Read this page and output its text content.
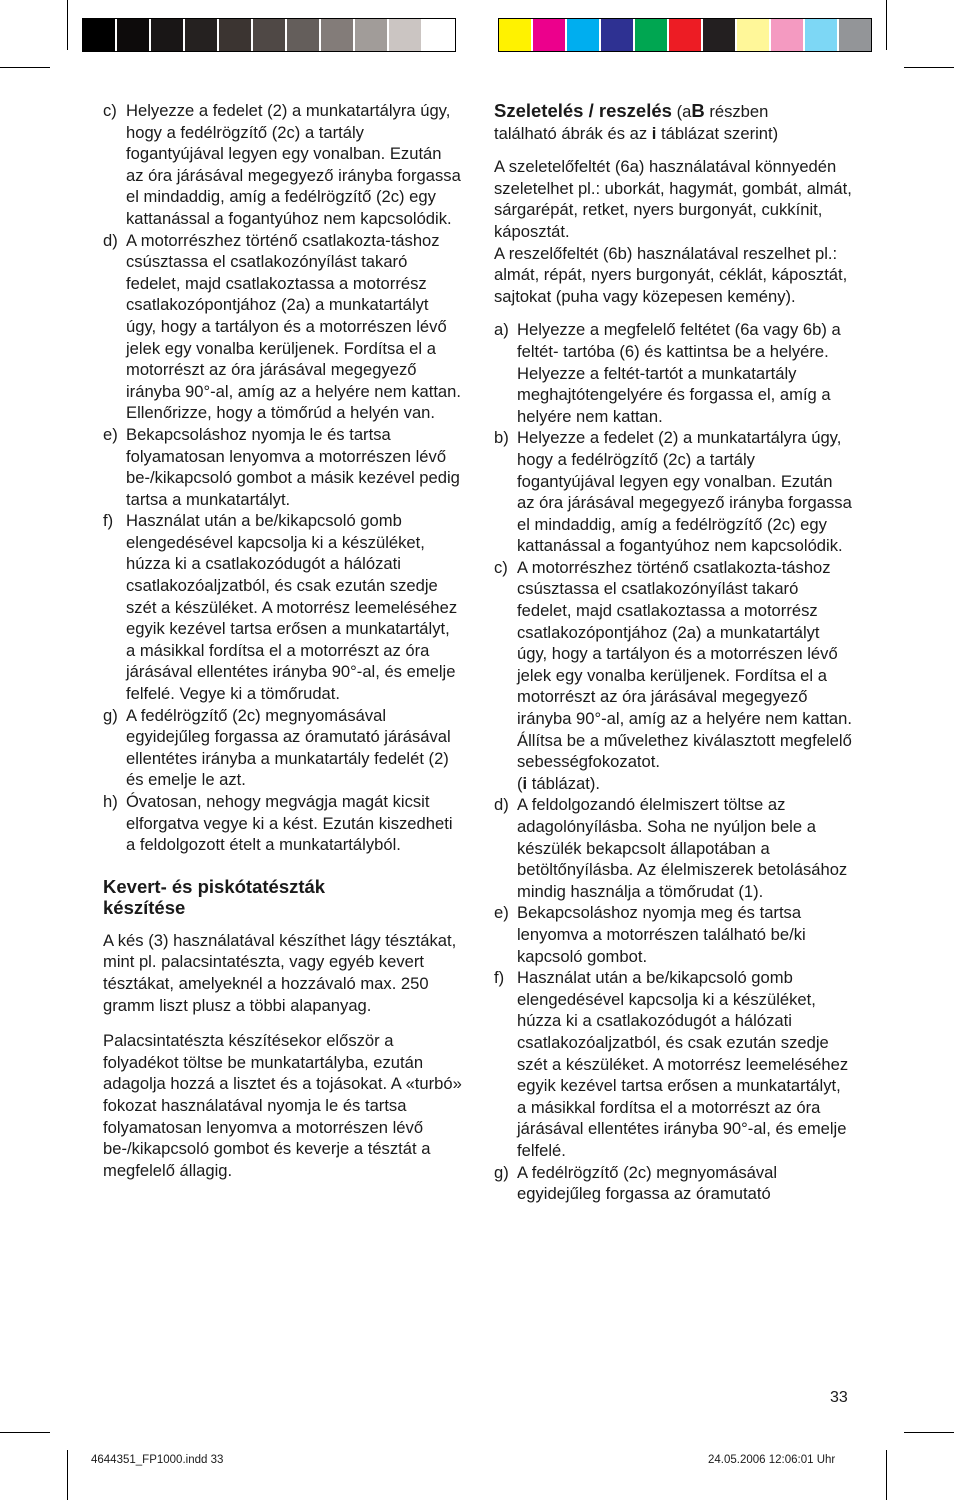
c) Helyezze a fedelet (2) a munkatartályra úgy, hogy a fedélrögzítő (2c) a tartály fogantyújával legyen egy vonalban. Ezután az óra járásával megegyező irányba forgassa el mindaddig, amíg a fedélrögzítő (2c) egy kattanással a fogantyúhoz nem kapcsolódik.
d) A motorrészhez történő csatlakozta-táshoz csúsztassa el csatlakozónyílást takaró fedelet, majd csatlakoztassa a motorrész csatlakozópontjához (2a) a munkatartályt úgy, hogy a tartályon és a motorrészen lévő jelek egy vonalba kerüljenek. Fordítsa el a motorrészt az óra járásával megegyező irányba 90°-al, amíg az a helyére nem kattan. Ellenőrizze, hogy a tömőrúd a helyén van.
e) Bekapcsoláshoz nyomja le és tartsa folyamatosan lenyomva a motorrészen lévő be-/kikapcsoló gombot a másik kezével pedig tartsa a munkatartályt.
f) Használat után a be/kikapcsoló gomb elengedésével kapcsolja ki a készüléket, húzza ki a csatlakozódugót a hálózati csatlakozóaljzatból, és csak ezután szedje szét a készüléket. A motorrész leemeléséhez egyik kezével tartsa erősen a munkatartályt, a másikkal fordítsa el a motorrészt az óra járásával ellentétes irányba 90°-al, és emelje felfelé. Vegye ki a tömőrudat.
g) A fedélrögzítő (2c) megnyomásával egyidejűleg forgassa az óramutató járásával ellentétes irányba a munkatartály fedelét (2) és emelje le azt.
h) Óvatosan, nehogy megvágja magát kicsit elforgatva vegye ki a kést. Ezután kiszedheti a feldolgozott ételt a munkatartályból.
Kevert- és piskótatészták készítése
A kés (3) használatával készíthet lágy tésztákat, mint pl. palacsintatészta, vagy egyéb kevert tésztákat, amelyeknél a hozzávaló max. 250 gramm liszt plusz a többi alapanyag.
Palacsintatészta készítésekor először a folyadékot töltse be munkatartályba, ezután adagolja hozzá a lisztet és a tojásokat. A «turbó» fokozat használatával nyomja le és tartsa folyamatosan lenyomva a motorrészen lévő be-/kikapcsoló gombot és keverje a tésztát a megfelelő állagig.
Szeletelés / reszelés (aB részben
található ábrák és az i táblázat szerint)
A szeletelőfeltét (6a) használatával könnyedén szeletelhet pl.: uborkát, hagymát, gombát, almát, sárgarépát, retket, nyers burgonyát, cukkínit, káposztát.
A reszelőfeltét (6b) használatával reszelhet pl.: almát, répát, nyers burgonyát, céklát, káposztát, sajtokat (puha vagy közepesen kemény).
a) Helyezze a megfelelő feltétet (6a vagy 6b) a feltét- tartóba (6) és kattintsa be a helyére. Helyezze a feltét-tartót a munkatartály meghajtótengelyére és forgassa el, amíg a helyére nem kattan.
b) Helyezze a fedelet (2) a munkatartályra úgy, hogy a fedélrögzítő (2c) a tartály fogantyújával legyen egy vonalban. Ezután az óra járásával megegyező irányba forgassa el mindaddig, amíg a fedélrögzítő (2c) egy kattanással a fogantyúhoz nem kapcsolódik.
c) A motorrészhez történő csatlakozta-táshoz csúsztassa el csatlakozónyílást takaró fedelet, majd csatlakoztassa a motorrész csatlakozópontjához (2a) a munkatartályt úgy, hogy a tartályon és a motorrészen lévő jelek egy vonalba kerüljenek. Fordítsa el a motorrészt az óra járásával megegyező irányba 90°-al, amíg az a helyére nem kattan. Állítsa be a művelethez kiválasztott megfelelő sebességfokozatot.
(i táblázat).
d) A feldolgozandó élelmiszert töltse az adagolónyílásba. Soha ne nyúljon bele a készülék bekapcsolt állapotában a betöltőnyílásba. Az élelmiszerek betolásához mindig használja a tömőrudat (1).
e) Bekapcsoláshoz nyomja meg és tartsa lenyomva a motorrészen található be/ki kapcsoló gombot.
f) Használat után a be/kikapcsoló gomb elengedésével kapcsolja ki a készüléket, húzza ki a csatlakozódugót a hálózati csatlakozóaljzatból, és csak ezután szedje szét a készüléket. A motorrész leemeléséhez egyik kezével tartsa erősen a munkatartályt, a másikkal fordítsa el a motorrészt az óra járásával ellentétes irányba 90°-al, és emelje felfelé.
g) A fedélrögzítő (2c) megnyomásával egyidejűleg forgassa az óramutató
33
4644351_FP1000.indd 33	24.05.2006 12:06:01 Uhr
